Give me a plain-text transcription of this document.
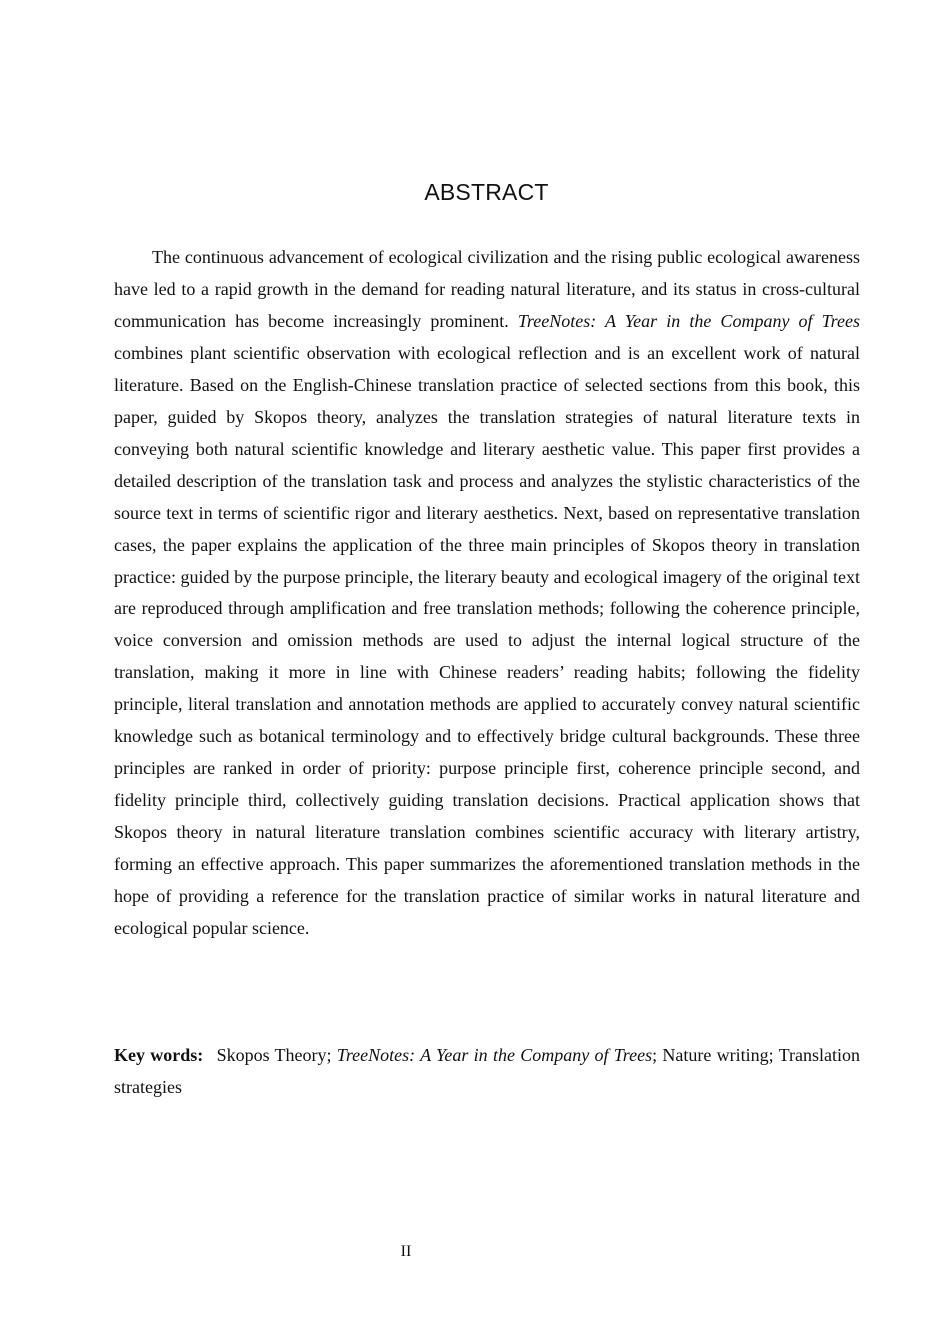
ABSTRACT

The continuous advancement of ecological civilization and the rising public ecological awareness have led to a rapid growth in the demand for reading natural literature, and its status in cross-cultural communication has become increasingly prominent. TreeNotes: A Year in the Company of Trees combines plant scientific observation with ecological reflection and is an excellent work of natural literature. Based on the English-Chinese translation practice of selected sections from this book, this paper, guided by Skopos theory, analyzes the translation strategies of natural literature texts in conveying both natural scientific knowledge and literary aesthetic value. This paper first provides a detailed description of the translation task and process and analyzes the stylistic characteristics of the source text in terms of scientific rigor and literary aesthetics. Next, based on representative translation cases, the paper explains the application of the three main principles of Skopos theory in translation practice: guided by the purpose principle, the literary beauty and ecological imagery of the original text are reproduced through amplification and free translation methods; following the coherence principle, voice conversion and omission methods are used to adjust the internal logical structure of the translation, making it more in line with Chinese readers’ reading habits; following the fidelity principle, literal translation and annotation methods are applied to accurately convey natural scientific knowledge such as botanical terminology and to effectively bridge cultural backgrounds. These three principles are ranked in order of priority: purpose principle first, coherence principle second, and fidelity principle third, collectively guiding translation decisions. Practical application shows that Skopos theory in natural literature translation combines scientific accuracy with literary artistry, forming an effective approach. This paper summarizes the aforementioned translation methods in the hope of providing a reference for the translation practice of similar works in natural literature and ecological popular science.

Key words: Skopos Theory; TreeNotes: A Year in the Company of Trees; Nature writing; Translation strategies

II
